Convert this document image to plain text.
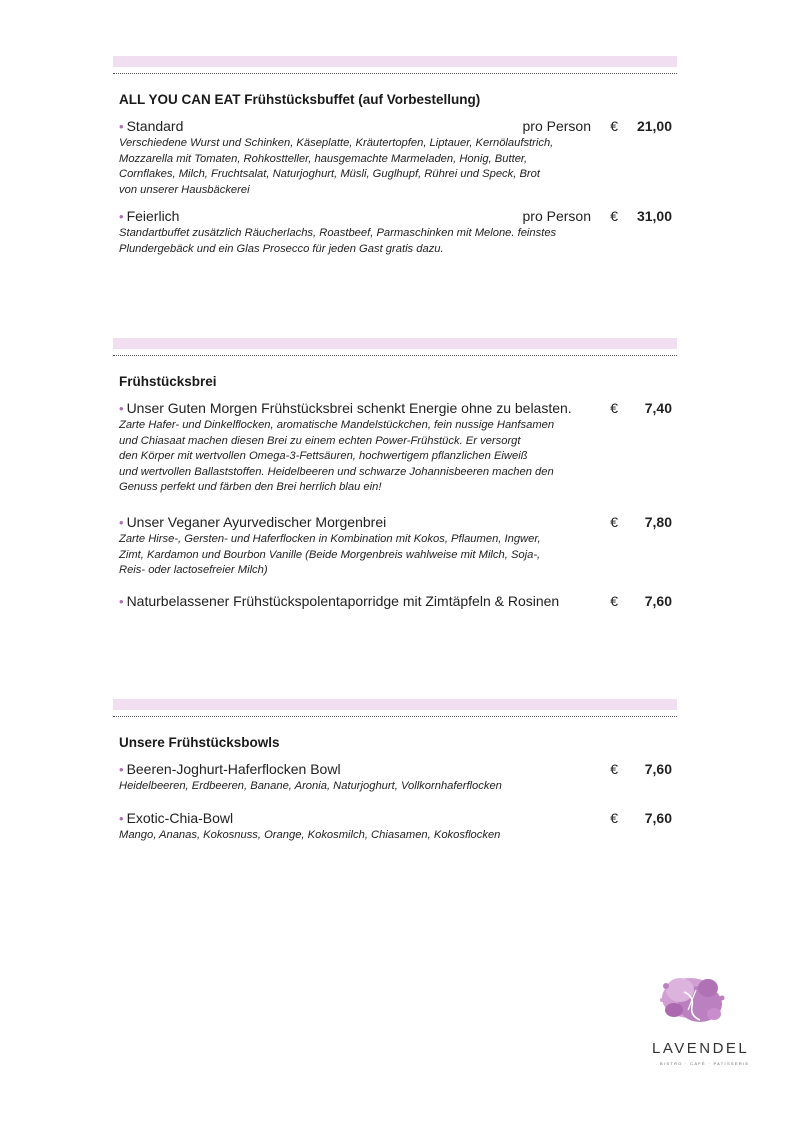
ALL YOU CAN EAT Frühstücksbuffet (auf Vorbestellung)
• Standard	pro Person € 21,00
Verschiedene Wurst und Schinken, Käseplatte, Kräutertopfen, Liptauer, Kernölaufstrich,
Mozzarella mit Tomaten, Rohkostteller, hausgemachte Marmeladen, Honig, Butter,
Cornflakes, Milch, Fruchtsalat, Naturjoghurt, Müsli, Guglhupf, Rührei und Speck, Brot
von unserer Hausbäckerei
• Feierlich	pro Person € 31,00
Standartbuffet zusätzlich Räucherlachs, Roastbeef, Parmaschinken mit Melone. feinstes
Plundergebäck und ein Glas Prosecco für jeden Gast gratis dazu.
Frühstücksbrei
• Unser Guten Morgen Frühstücksbrei schenkt Energie ohne zu belasten.	€ 7,40
Zarte Hafer- und Dinkelflocken, aromatische Mandelstückchen, fein nussige Hanfsamen
und Chiasaat machen diesen Brei zu einem echten Power-Frühstück. Er versorgt
den Körper mit wertvollen Omega-3-Fettsäuren, hochwertigem pflanzlichen Eiweiß
und wertvollen Ballaststoffen. Heidelbeeren und schwarze Johannisbeeren machen den
Genuss perfekt und färben den Brei herrlich blau ein!
• Unser Veganer Ayurvedischer Morgenbrei	€ 7,80
Zarte Hirse-, Gersten- und Haferflocken in Kombination mit Kokos, Pflaumen, Ingwer,
Zimt, Kardamon und Bourbon Vanille (Beide Morgenbreis wahlweise mit Milch, Soja-,
Reis- oder lactosefreier Milch)
• Naturbelassener Frühstückspolentaporridge mit Zimtäpfeln & Rosinen	€ 7,60
Unsere Frühstücksbowls
• Beeren-Joghurt-Haferflocken Bowl	€ 7,60
Heidelbeeren, Erdbeeren, Banane, Aronia, Naturjoghurt, Vollkornhaferflocken
• Exotic-Chia-Bowl	€ 7,60
Mango, Ananas, Kokosnuss, Orange, Kokosmilch, Chiasamen, Kokosflocken
LAVENDEL
BISTRO · CAFÉ · PATISSERIE
